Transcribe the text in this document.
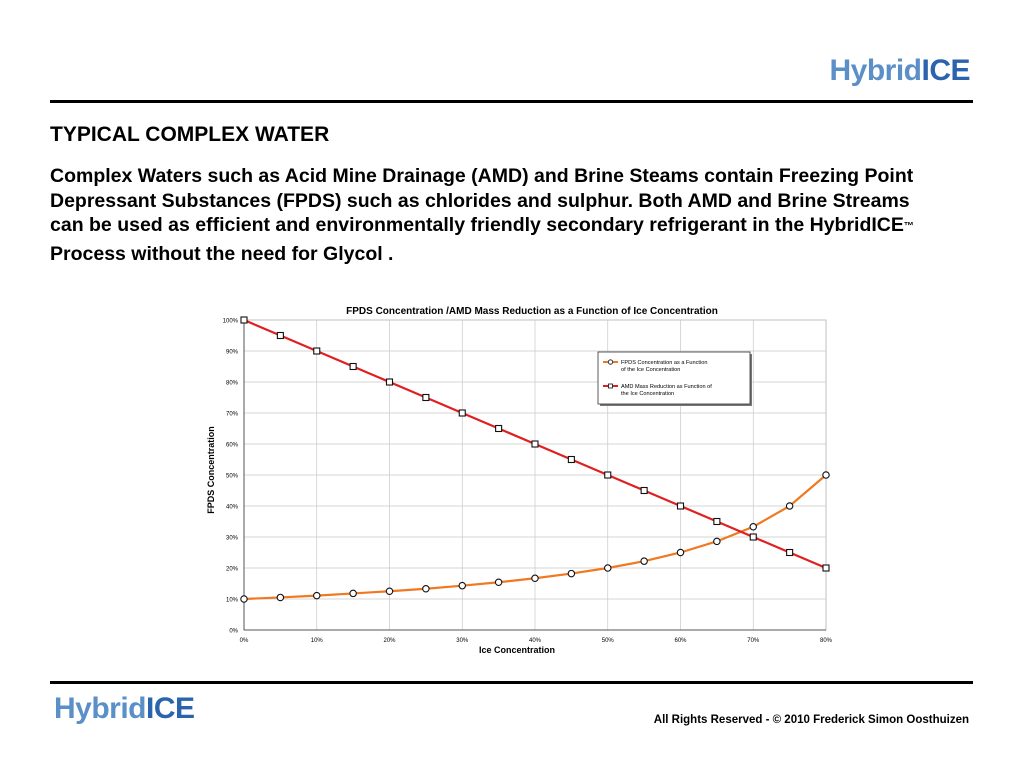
HybridICE
TYPICAL COMPLEX WATER
Complex Waters such as Acid Mine Drainage (AMD) and Brine Steams contain Freezing Point Depressant Substances (FPDS) such as chlorides and sulphur. Both AMD and Brine Streams can be used as efficient and environmentally friendly secondary refrigerant in the HybridICE™ Process without the need for Glycol .
FPDS Concentration /AMD Mass Reduction as a Function of Ice Concentration
FPDS Concentration
Ice Concentration
0%
10%
20%
30%
40%
50%
60%
70%
80%
90%
100%
0%	10%	20%	30%	40%	50%	60%	70%	80%
FPDS Concentration as a Function of the Ice Concentration
AMD Mass Reduction as Function of the Ice Concentration
HybridICE	All Rights Reserved - © 2010 Frederick Simon Oosthuizen
